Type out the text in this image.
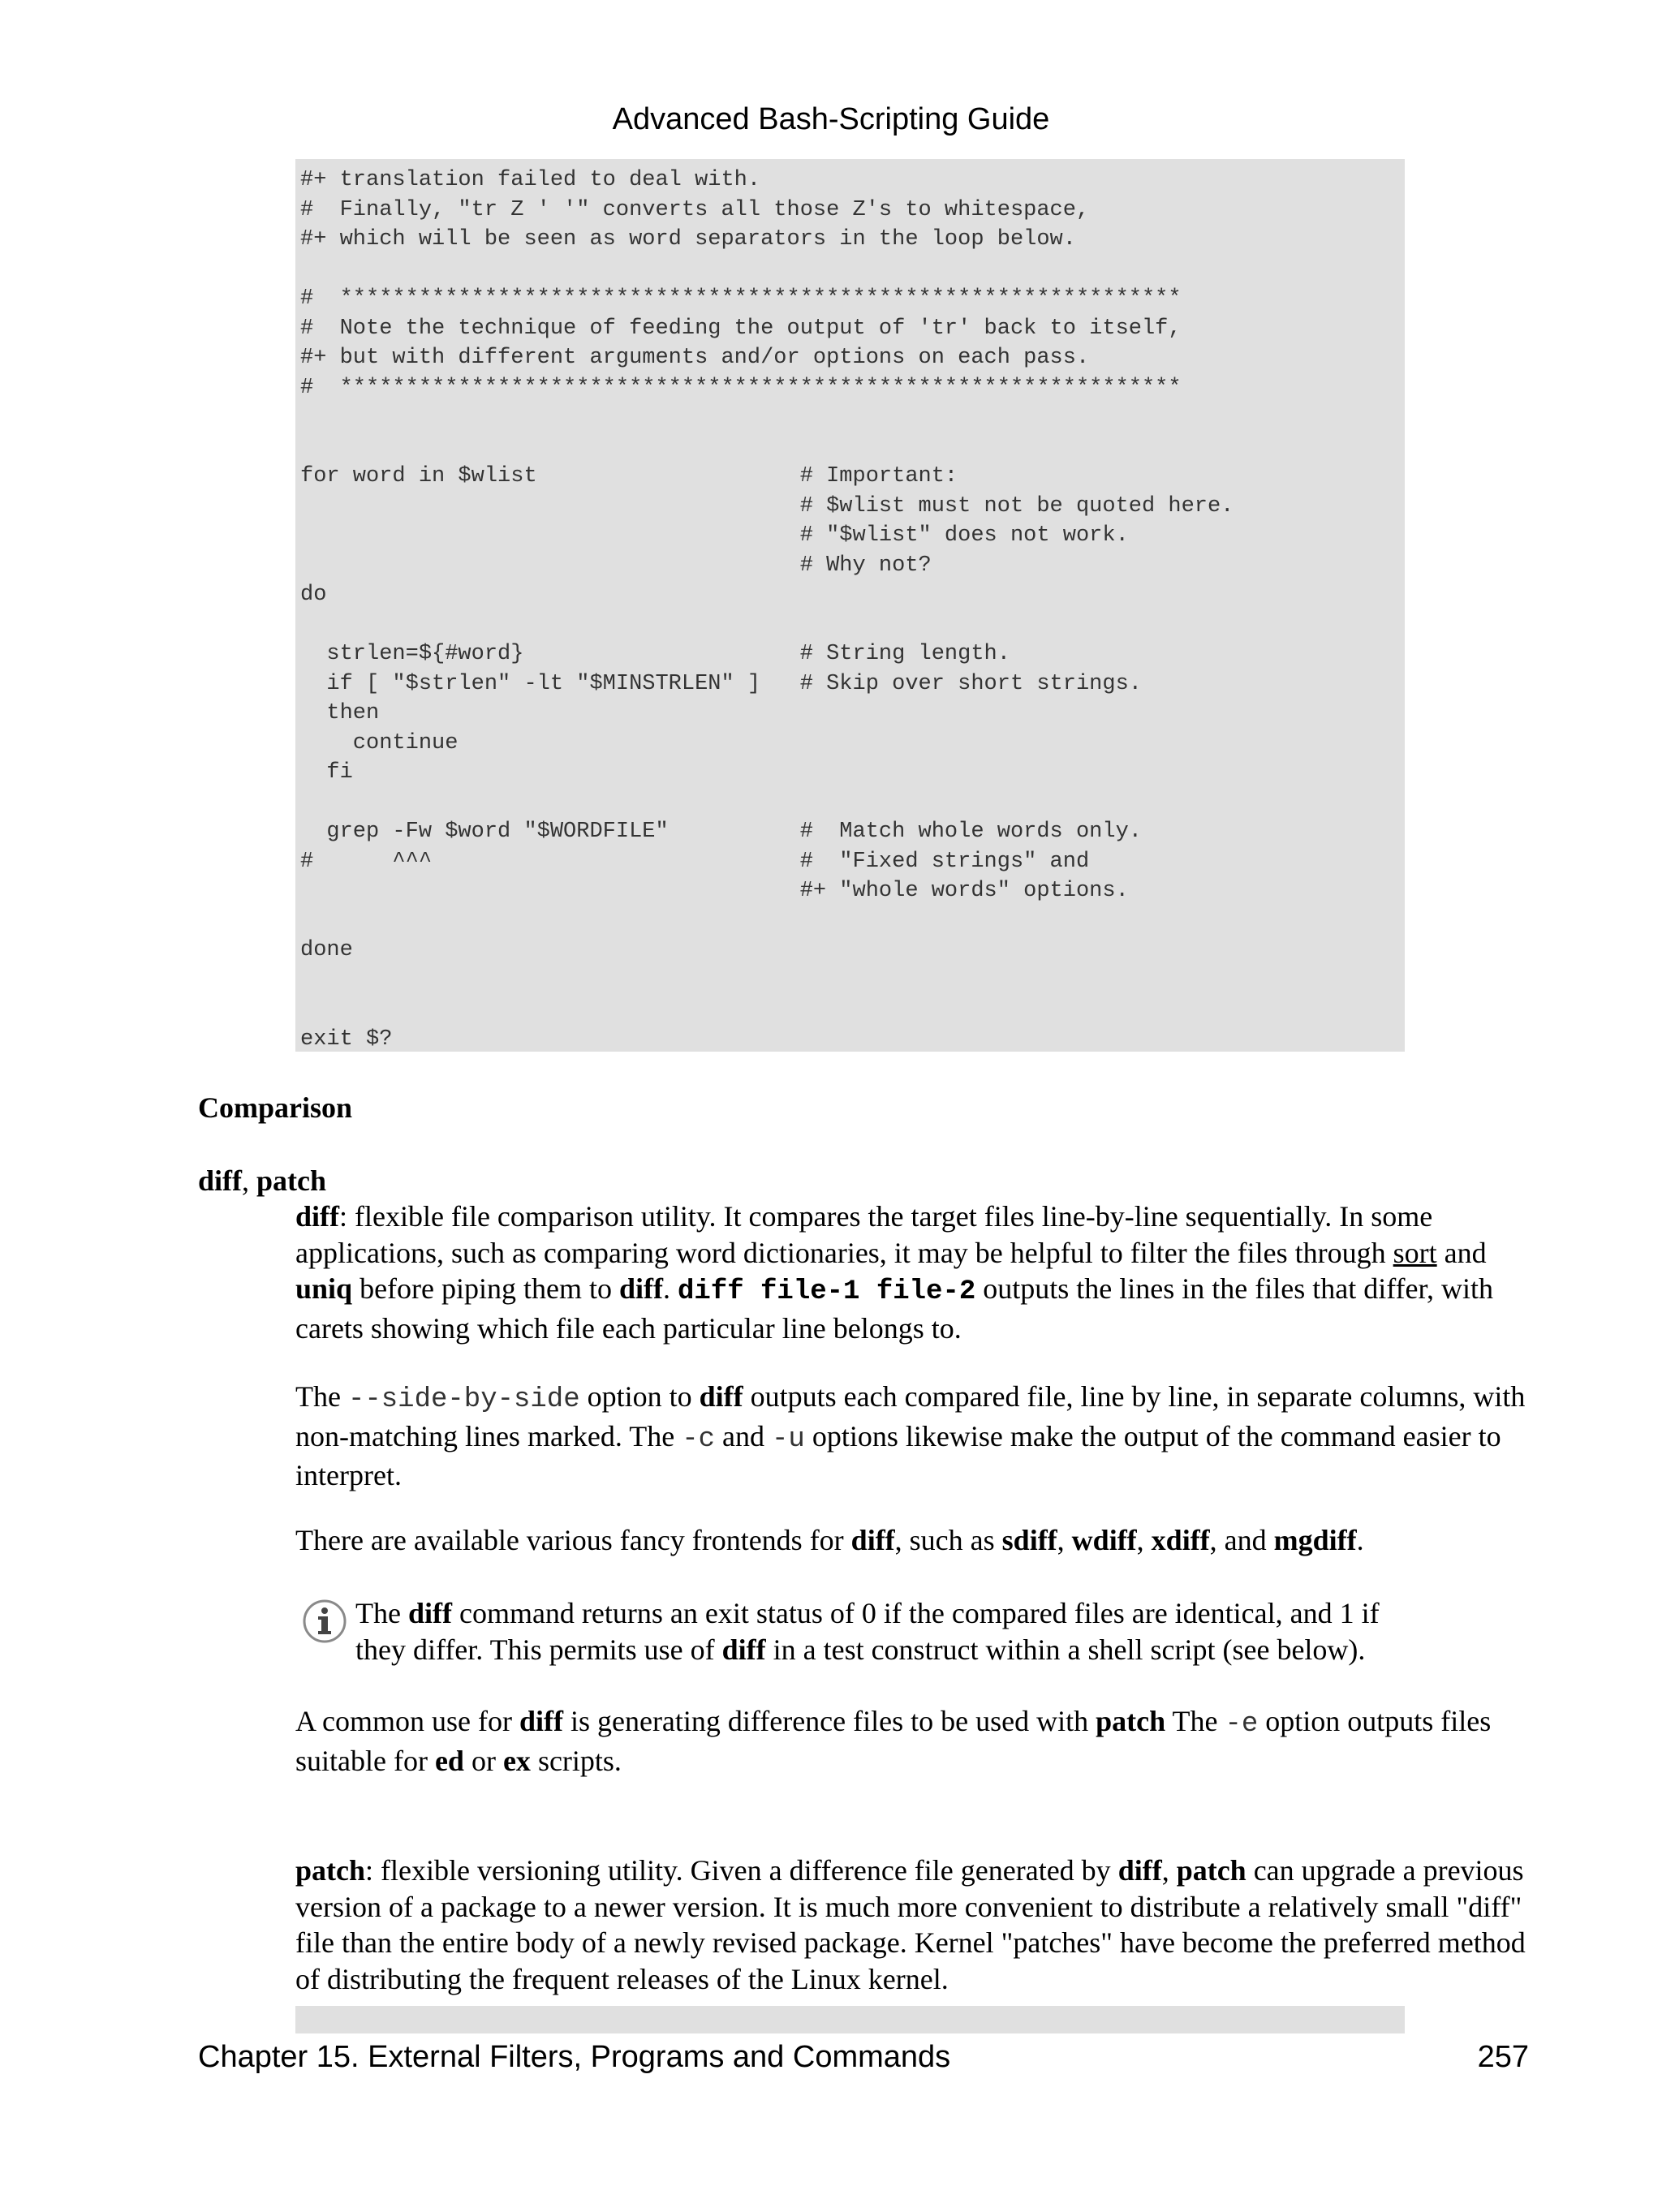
Advanced Bash-Scripting Guide
#+ translation failed to deal with.
#  Finally, "tr Z ' '" converts all those Z's to whitespace,
#+ which will be seen as word separators in the loop below.
#  ****************************************************************
#  Note the technique of feeding the output of 'tr' back to itself,
#+ but with different arguments and/or options on each pass.
#  ****************************************************************
for word in $wlist                    # Important:
# $wlist must not be quoted here.
# "$wlist" does not work.
# Why not?
do
strlen=${#word}                     # String length.
if [ "$strlen" -lt "$MINSTRLEN" ]   # Skip over short strings.
then
continue
fi
grep -Fw $word "$WORDFILE"          #  Match whole words only.
#      ^^^                            #  "Fixed strings" and
#+ "whole words" options.
done
exit $?
Comparison
diff, patch
diff: flexible file comparison utility. It compares the target files line-by-line sequentially. In some applications, such as comparing word dictionaries, it may be helpful to filter the files through sort and uniq before piping them to diff. diff file-1 file-2 outputs the lines in the files that differ, with carets showing which file each particular line belongs to.
The --side-by-side option to diff outputs each compared file, line by line, in separate columns, with non-matching lines marked. The -c and -u options likewise make the output of the command easier to interpret.
There are available various fancy frontends for diff, such as sdiff, wdiff, xdiff, and mgdiff.
The diff command returns an exit status of 0 if the compared files are identical, and 1 if they differ. This permits use of diff in a test construct within a shell script (see below).
A common use for diff is generating difference files to be used with patch The -e option outputs files suitable for ed or ex scripts.
patch: flexible versioning utility. Given a difference file generated by diff, patch can upgrade a previous version of a package to a newer version. It is much more convenient to distribute a relatively small "diff" file than the entire body of a newly revised package. Kernel "patches" have become the preferred method of distributing the frequent releases of the Linux kernel.
Chapter 15. External Filters, Programs and Commands	257
